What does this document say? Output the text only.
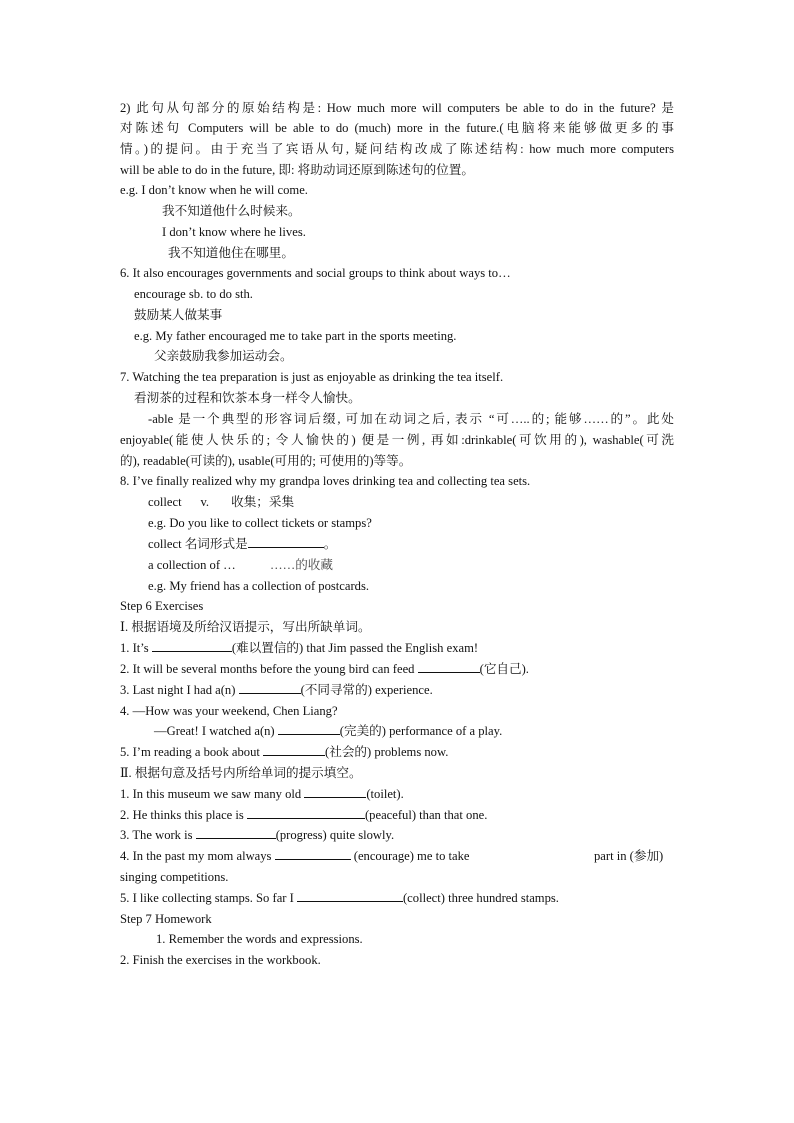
2) 此句从句部分的原始结构是: How much more will computers be able to do in the future? 是
对陈述句 Computers will be able to do (much) more in the future.(电脑将来能够做更多的事
情。)的提问。由于充当了宾语从句, 疑问结构改成了陈述结构: how much more computers
will be able to do in the future, 即: 将助动词还原到陈述句的位置。
e.g. I don’t know when he will come.
我不知道他什么时候来。
I don’t know where he lives.
我不知道他住在哪里。
6. It also encourages governments and social groups to think about ways to…
encourage sb. to do sth.
鼓励某人做某事
e.g. My father encouraged me to take part in the sports meeting.
父亲鼓励我参加运动会。
7. Watching the tea preparation is just as enjoyable as drinking the tea itself.
看沏茶的过程和饮茶本身一样令人愉快。
-able 是一个典型的形容词后缀, 可加在动词之后, 表示 “可…..的; 能够……的”。此处
enjoyable(能使人快乐的; 令人愉快的) 便是一例, 再如:drinkable(可饮用的), washable(可洗
的), readable(可读的), usable(可用的; 可使用的)等等。
8. I’ve finally realized why my grandpa loves drinking tea and collecting tea sets.
collect      v.       收集；采集
e.g. Do you like to collect tickets or stamps?
collect 名词形式是	。
a collection of …	……的收藏
e.g. My friend has a collection of postcards.
Step 6 Exercises
Ⅰ. 根据语境及所给汉语提示，写出所缺单词。
1. It’s	(难以置信的) that Jim passed the English exam!
2. It will be several months before the young bird can feed	(它自己).
3. Last night I had a(n)	(不同寻常的) experience.
4. —How was your weekend, Chen Liang?
—Great! I watched a(n)	(完美的) performance of a play.
5. I’m reading a book about	(社会的) problems now.
Ⅱ. 根据句意及括号内所给单词的提示填空。
1. In this museum we saw many old	(toilet).
2. He thinks this place is	(peaceful) than that one.
3. The work is	(progress) quite slowly.
4. In the past my mom always	(encourage) me to take	part in (参加)
singing competitions.
5. I like collecting stamps. So far I	(collect) three hundred stamps.
Step 7 Homework
1. Remember the words and expressions.
2. Finish the exercises in the workbook.
